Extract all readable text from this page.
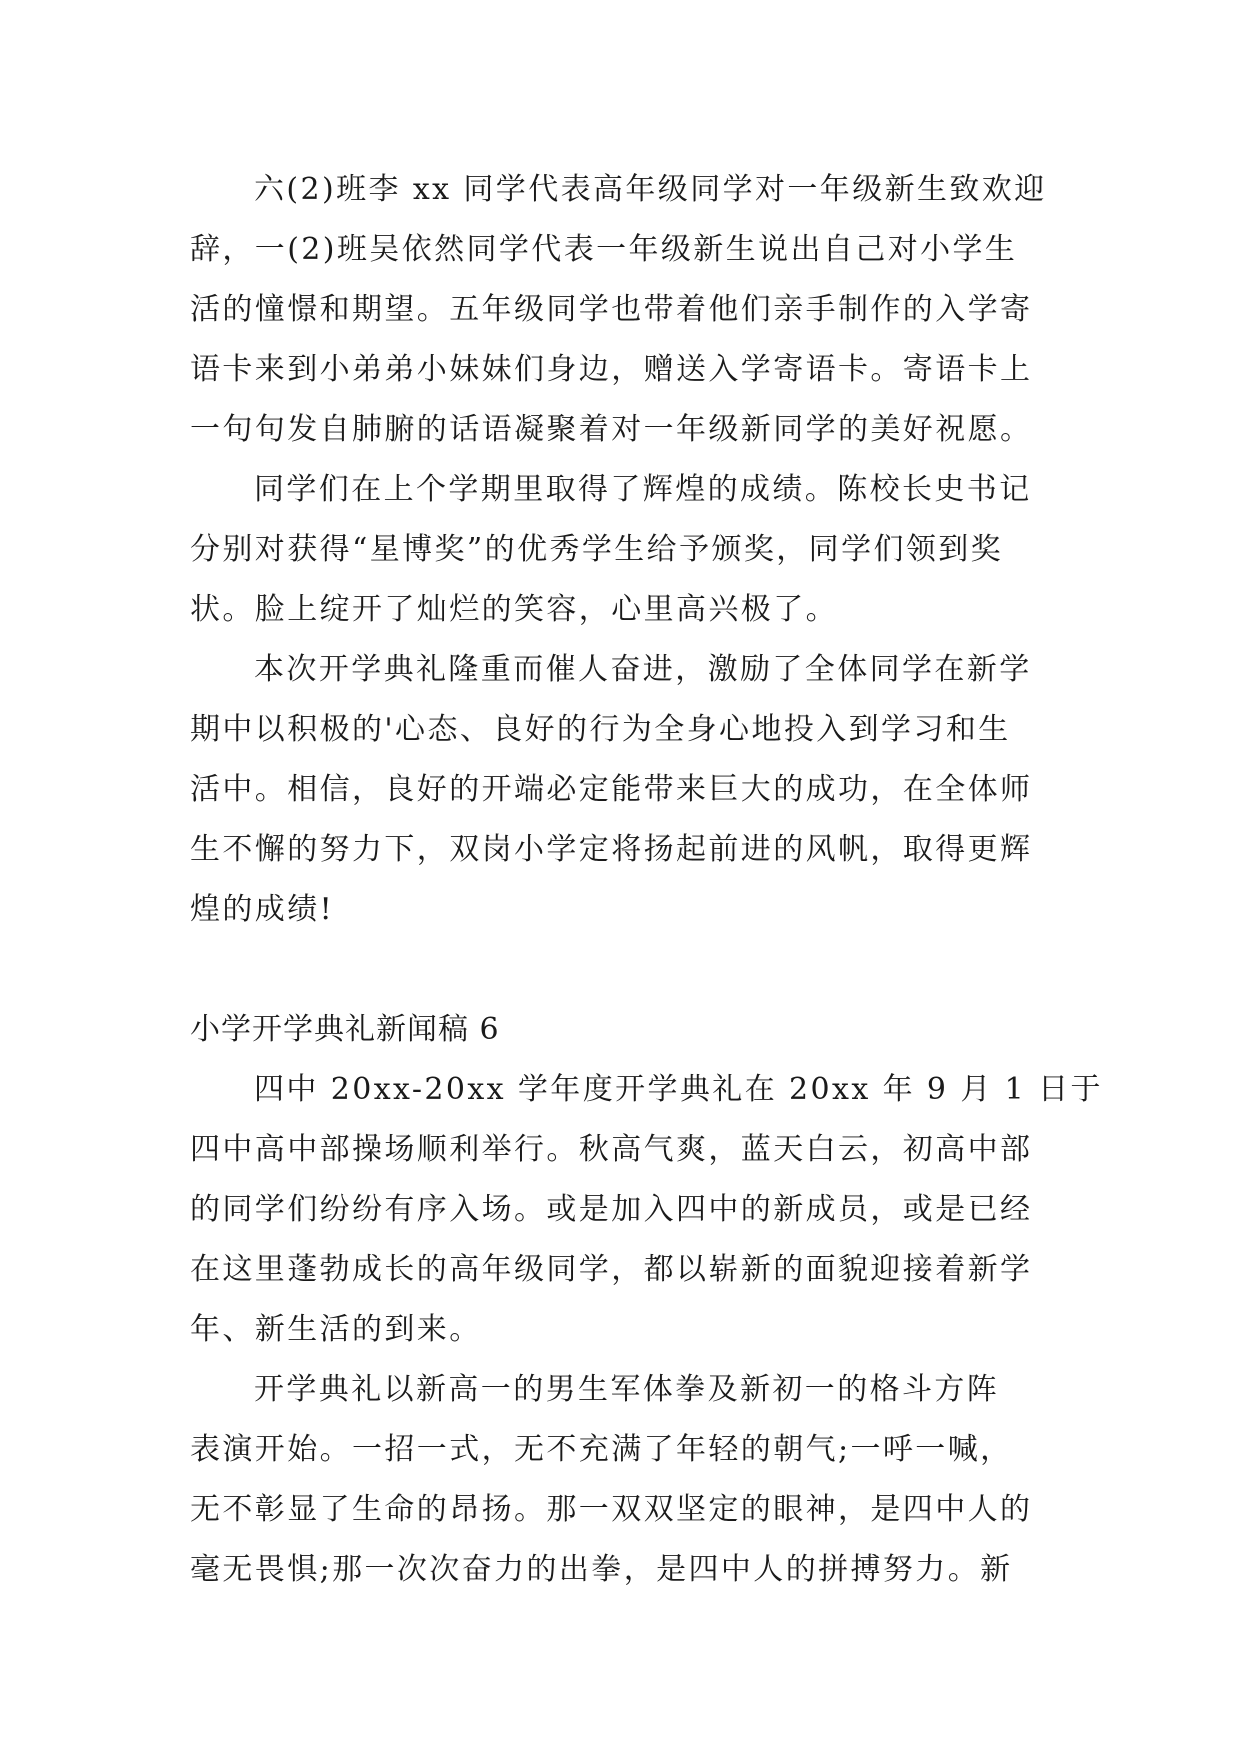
六(2)班李 xx 同学代表高年级同学对一年级新生致欢迎
辞，一(2)班吴依然同学代表一年级新生说出自己对小学生
活的憧憬和期望。五年级同学也带着他们亲手制作的入学寄
语卡来到小弟弟小妹妹们身边，赠送入学寄语卡。寄语卡上
一句句发自肺腑的话语凝聚着对一年级新同学的美好祝愿。
同学们在上个学期里取得了辉煌的成绩。陈校长史书记
分别对获得“星博奖”的优秀学生给予颁奖，同学们领到奖
状。脸上绽开了灿烂的笑容，心里高兴极了。
本次开学典礼隆重而催人奋进，激励了全体同学在新学
期中以积极的'心态、良好的行为全身心地投入到学习和生
活中。相信，良好的开端必定能带来巨大的成功，在全体师
生不懈的努力下，双岗小学定将扬起前进的风帆，取得更辉
煌的成绩!
小学开学典礼新闻稿 6
四中 20xx-20xx 学年度开学典礼在 20xx 年 9 月 1 日于
四中高中部操场顺利举行。秋高气爽，蓝天白云，初高中部
的同学们纷纷有序入场。或是加入四中的新成员，或是已经
在这里蓬勃成长的高年级同学，都以崭新的面貌迎接着新学
年、新生活的到来。
开学典礼以新高一的男生军体拳及新初一的格斗方阵
表演开始。一招一式，无不充满了年轻的朝气;一呼一喊，
无不彰显了生命的昂扬。那一双双坚定的眼神，是四中人的
毫无畏惧;那一次次奋力的出拳，是四中人的拼搏努力。新
